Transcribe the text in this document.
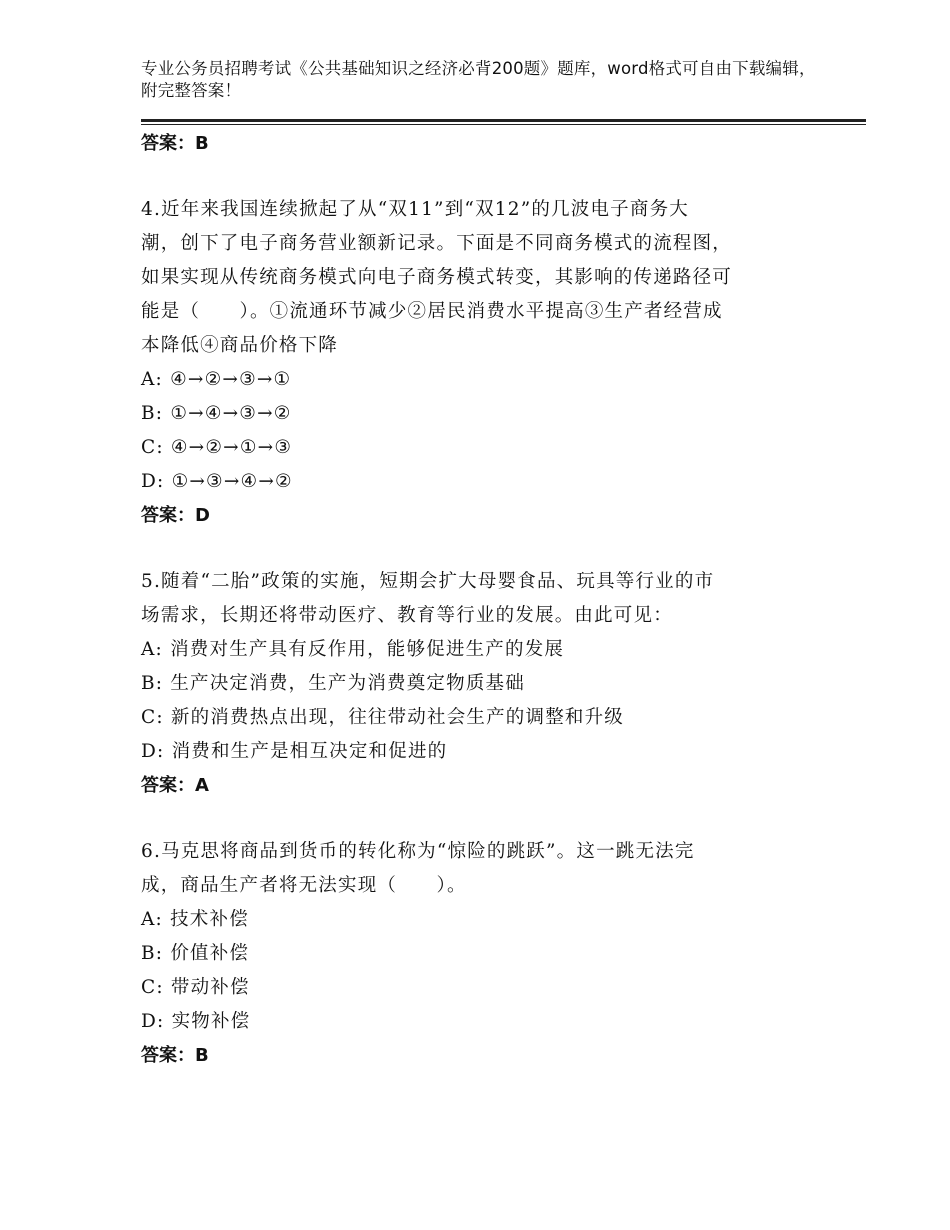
专业公务员招聘考试《公共基础知识之经济必背200题》题库，word格式可自由下载编辑，附完整答案！
答案：B

4.近年来我国连续掀起了从“双11”到“双12”的几波电子商务大
潮，创下了电子商务营业额新记录。下面是不同商务模式的流程图，
如果实现从传统商务模式向电子商务模式转变，其影响的传递路径可
能是（　　）。①流通环节减少②居民消费水平提高③生产者经营成
本降低④商品价格下降

A: ④→②→③→①
B: ①→④→③→②
C: ④→②→①→③
D: ①→③→④→②
答案：D

5.随着“二胎”政策的实施，短期会扩大母婴食品、玩具等行业的市
场需求，长期还将带动医疗、教育等行业的发展。由此可见：

A: 消费对生产具有反作用，能够促进生产的发展
B: 生产决定消费，生产为消费奠定物质基础
C: 新的消费热点出现，往往带动社会生产的调整和升级
D: 消费和生产是相互决定和促进的
答案：A

6.马克思将商品到货币的转化称为“惊险的跳跃”。这一跳无法完
成，商品生产者将无法实现（　　）。

A: 技术补偿
B: 价值补偿
C: 带动补偿
D: 实物补偿
答案：B
